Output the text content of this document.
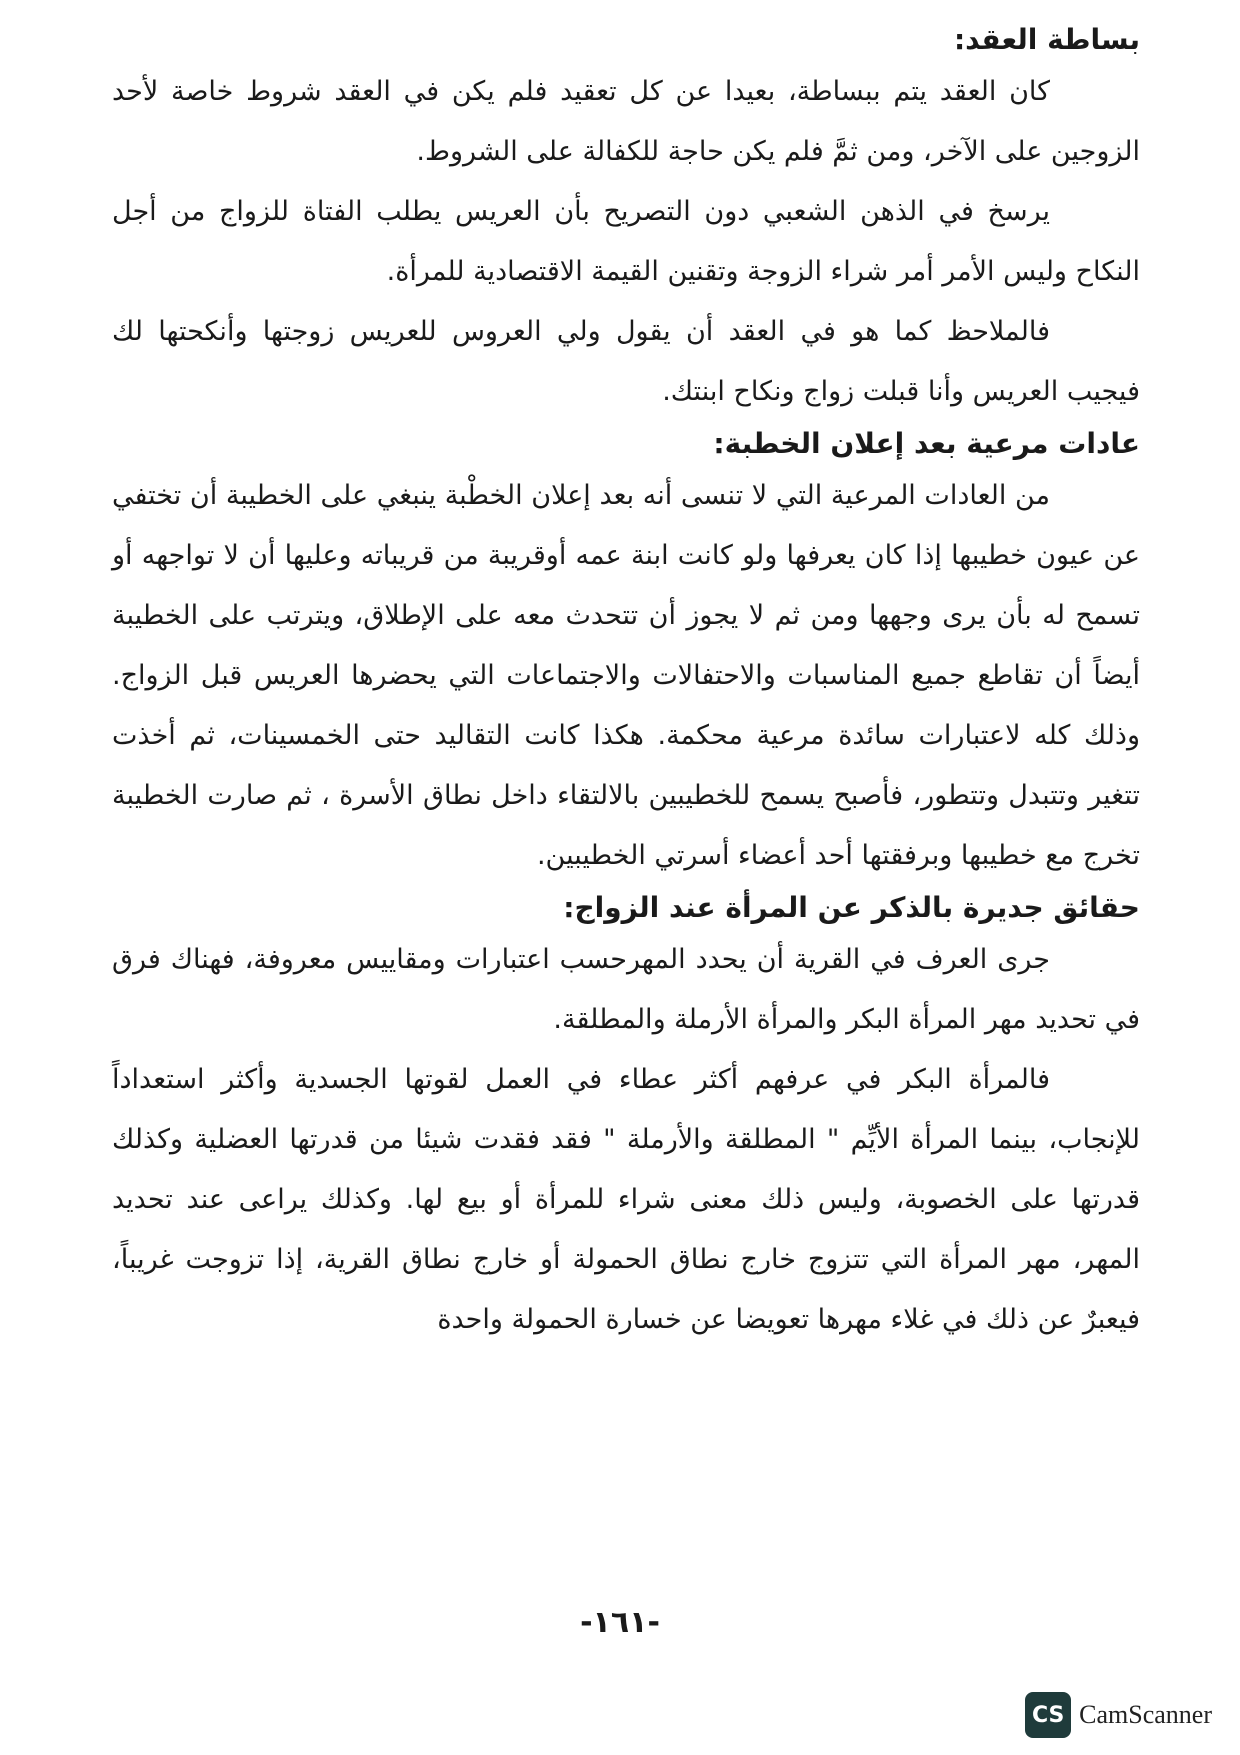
بساطة العقد:

كان العقد يتم ببساطة، بعيدا عن كل تعقيد فلم يكن في العقد شروط خاصة لأحد الزوجين على الآخر، ومن ثمَّ فلم يكن حاجة للكفالة على الشروط.

يرسخ في الذهن الشعبي دون التصريح بأن العريس يطلب الفتاة للزواج من أجل النكاح وليس الأمر أمر شراء الزوجة وتقنين القيمة الاقتصادية للمرأة.

فالملاحظ كما هو في العقد أن يقول ولي العروس للعريس زوجتها وأنكحتها لك فيجيب العريس وأنا قبلت زواج ونكاح ابنتك.

عادات مرعية بعد إعلان الخطبة:

من العادات المرعية التي لا تنسى أنه بعد إعلان الخطْبة ينبغي على الخطيبة أن تختفي عن عيون خطيبها إذا كان يعرفها ولو كانت ابنة عمه أوقريبة من قريباته وعليها أن لا تواجهه أو تسمح له بأن يرى وجهها ومن ثم لا يجوز أن تتحدث معه على الإطلاق، ويترتب على الخطيبة أيضاً أن تقاطع جميع المناسبات والاحتفالات والاجتماعات التي يحضرها العريس قبل الزواج. وذلك كله لاعتبارات سائدة مرعية محكمة. هكذا كانت التقاليد حتى الخمسينات، ثم أخذت تتغير وتتبدل وتتطور، فأصبح يسمح للخطيبين بالالتقاء داخل نطاق الأسرة ، ثم صارت الخطيبة تخرج مع خطيبها وبرفقتها أحد أعضاء أسرتي الخطيبين.

حقائق جديرة بالذكر عن المرأة عند الزواج:

جرى العرف في القرية أن يحدد المهرحسب اعتبارات ومقاييس معروفة، فهناك فرق في تحديد مهر المرأة البكر والمرأة الأرملة والمطلقة.

فالمرأة البكر في عرفهم أكثر عطاء في العمل لقوتها الجسدية وأكثر استعداداً للإنجاب، بينما المرأة الأيِّم " المطلقة والأرملة " فقد فقدت شيئا من قدرتها العضلية وكذلك قدرتها على الخصوبة، وليس ذلك معنى شراء للمرأة أو بيع لها. وكذلك يراعى عند تحديد المهر، مهر المرأة التي تتزوج خارج نطاق الحمولة أو خارج نطاق القرية، إذا تزوجت غريباً، فيعبرٌ عن ذلك في غلاء مهرها تعويضا عن خسارة الحمولة واحدة

-١٦١-
CS CamScanner
